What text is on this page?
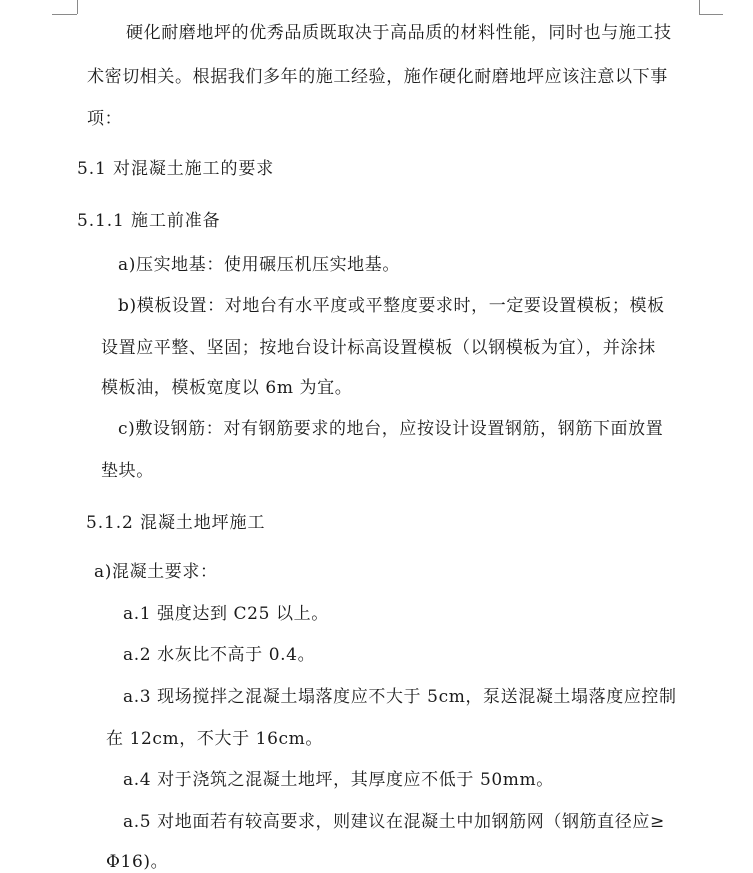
硬化耐磨地坪的优秀品质既取决于高品质的材料性能，同时也与施工技
术密切相关。根据我们多年的施工经验，施作硬化耐磨地坪应该注意以下事
项：
5.1 对混凝土施工的要求
5.1.1 施工前准备
a)压实地基：使用碾压机压实地基。
b)模板设置：对地台有水平度或平整度要求时，一定要设置模板；模板
设置应平整、坚固；按地台设计标高设置模板（以钢模板为宜），并涂抹
模板油，模板宽度以 6m 为宜。
c)敷设钢筋：对有钢筋要求的地台，应按设计设置钢筋，钢筋下面放置
垫块。
5.1.2 混凝土地坪施工
a)混凝土要求：
a.1 强度达到 C25 以上。
a.2 水灰比不高于 0.4。
a.3 现场搅拌之混凝土塌落度应不大于 5cm，泵送混凝土塌落度应控制
在 12cm，不大于 16cm。
a.4 对于浇筑之混凝土地坪，其厚度应不低于 50mm。
a.5 对地面若有较高要求，则建议在混凝土中加钢筋网（钢筋直径应≥
Φ16)。
